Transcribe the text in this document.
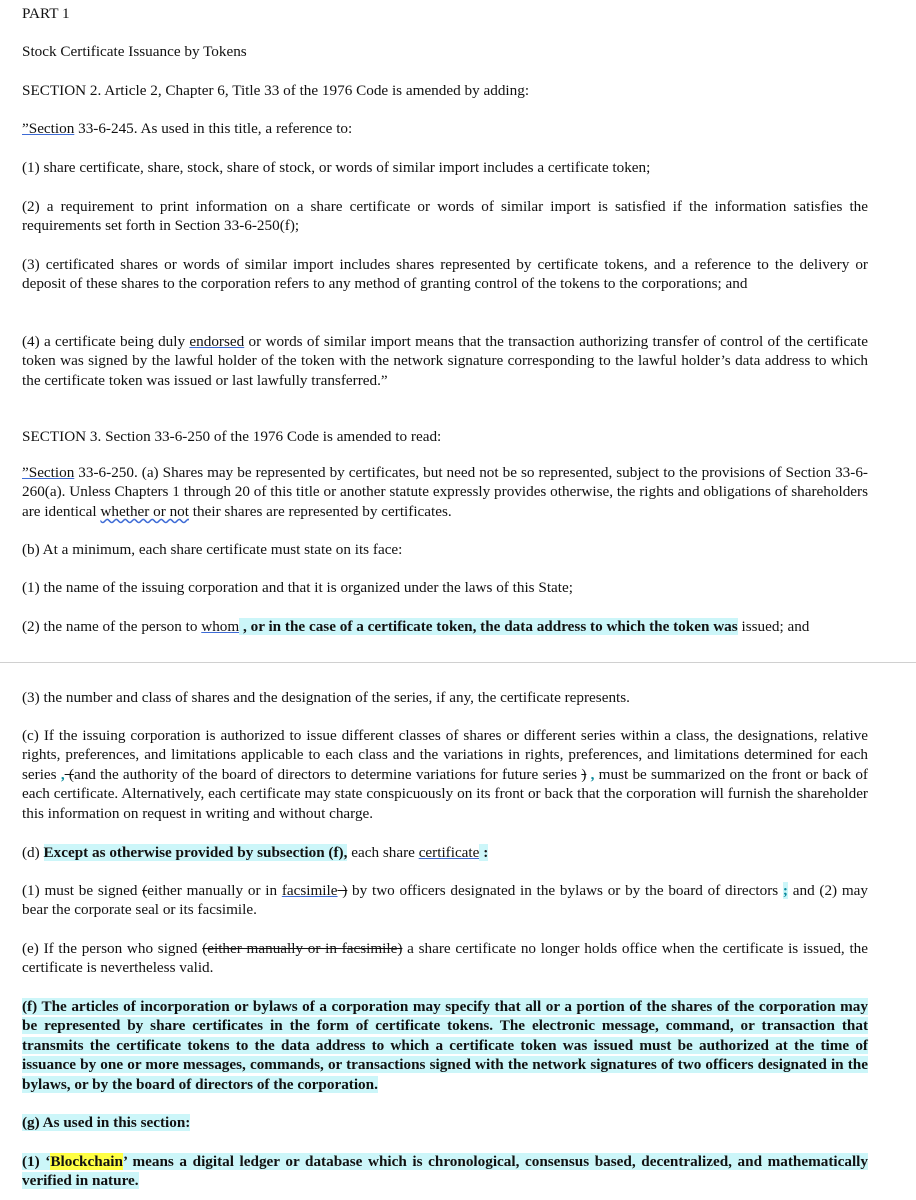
PART 1

Stock Certificate Issuance by Tokens

SECTION 2. Article 2, Chapter 6, Title 33 of the 1976 Code is amended by adding:

”Section 33-6-245. As used in this title, a reference to:

(1) share certificate, share, stock, share of stock, or words of similar import includes a certificate token;

(2) a requirement to print information on a share certificate or words of similar import is satisfied if the information satisfies the requirements set forth in Section 33-6-250(f);

(3) certificated shares or words of similar import includes shares represented by certificate tokens, and a reference to the delivery or deposit of these shares to the corporation refers to any method of granting control of the tokens to the corporations; and

(4) a certificate being duly endorsed or words of similar import means that the transaction authorizing transfer of control of the certificate token was signed by the lawful holder of the token with the network signature corresponding to the lawful holder’s data address to which the certificate token was issued or last lawfully transferred.”

SECTION 3. Section 33-6-250 of the 1976 Code is amended to read:

”Section 33-6-250. (a) Shares may be represented by certificates, but need not be so represented, subject to the provisions of Section 33-6-260(a). Unless Chapters 1 through 20 of this title or another statute expressly provides otherwise, the rights and obligations of shareholders are identical whether or not their shares are represented by certificates.

(b) At a minimum, each share certificate must state on its face:

(1) the name of the issuing corporation and that it is organized under the laws of this State;

(2) the name of the person to whom , or in the case of a certificate token, the data address to which the token was issued; and

(3) the number and class of shares and the designation of the series, if any, the certificate represents.

(c) If the issuing corporation is authorized to issue different classes of shares or different series within a class, the designations, relative rights, preferences, and limitations applicable to each class and the variations in rights, preferences, and limitations determined for each series , (and the authority of the board of directors to determine variations for future series ) , must be summarized on the front or back of each certificate. Alternatively, each certificate may state conspicuously on its front or back that the corporation will furnish the shareholder this information on request in writing and without charge.

(d) Except as otherwise provided by subsection (f), each share certificate :

(1) must be signed (either manually or in facsimile ) by two officers designated in the bylaws or by the board of directors ; and (2) may bear the corporate seal or its facsimile.

(e) If the person who signed (either manually or in facsimile) a share certificate no longer holds office when the certificate is issued, the certificate is nevertheless valid.

(f) The articles of incorporation or bylaws of a corporation may specify that all or a portion of the shares of the corporation may be represented by share certificates in the form of certificate tokens. The electronic message, command, or transaction that transmits the certificate tokens to the data address to which a certificate token was issued must be authorized at the time of issuance by one or more messages, commands, or transactions signed with the network signatures of two officers designated in the bylaws, or by the board of directors of the corporation.

(g) As used in this section:

(1) ‘Blockchain’ means a digital ledger or database which is chronological, consensus based, decentralized, and mathematically verified in nature.
